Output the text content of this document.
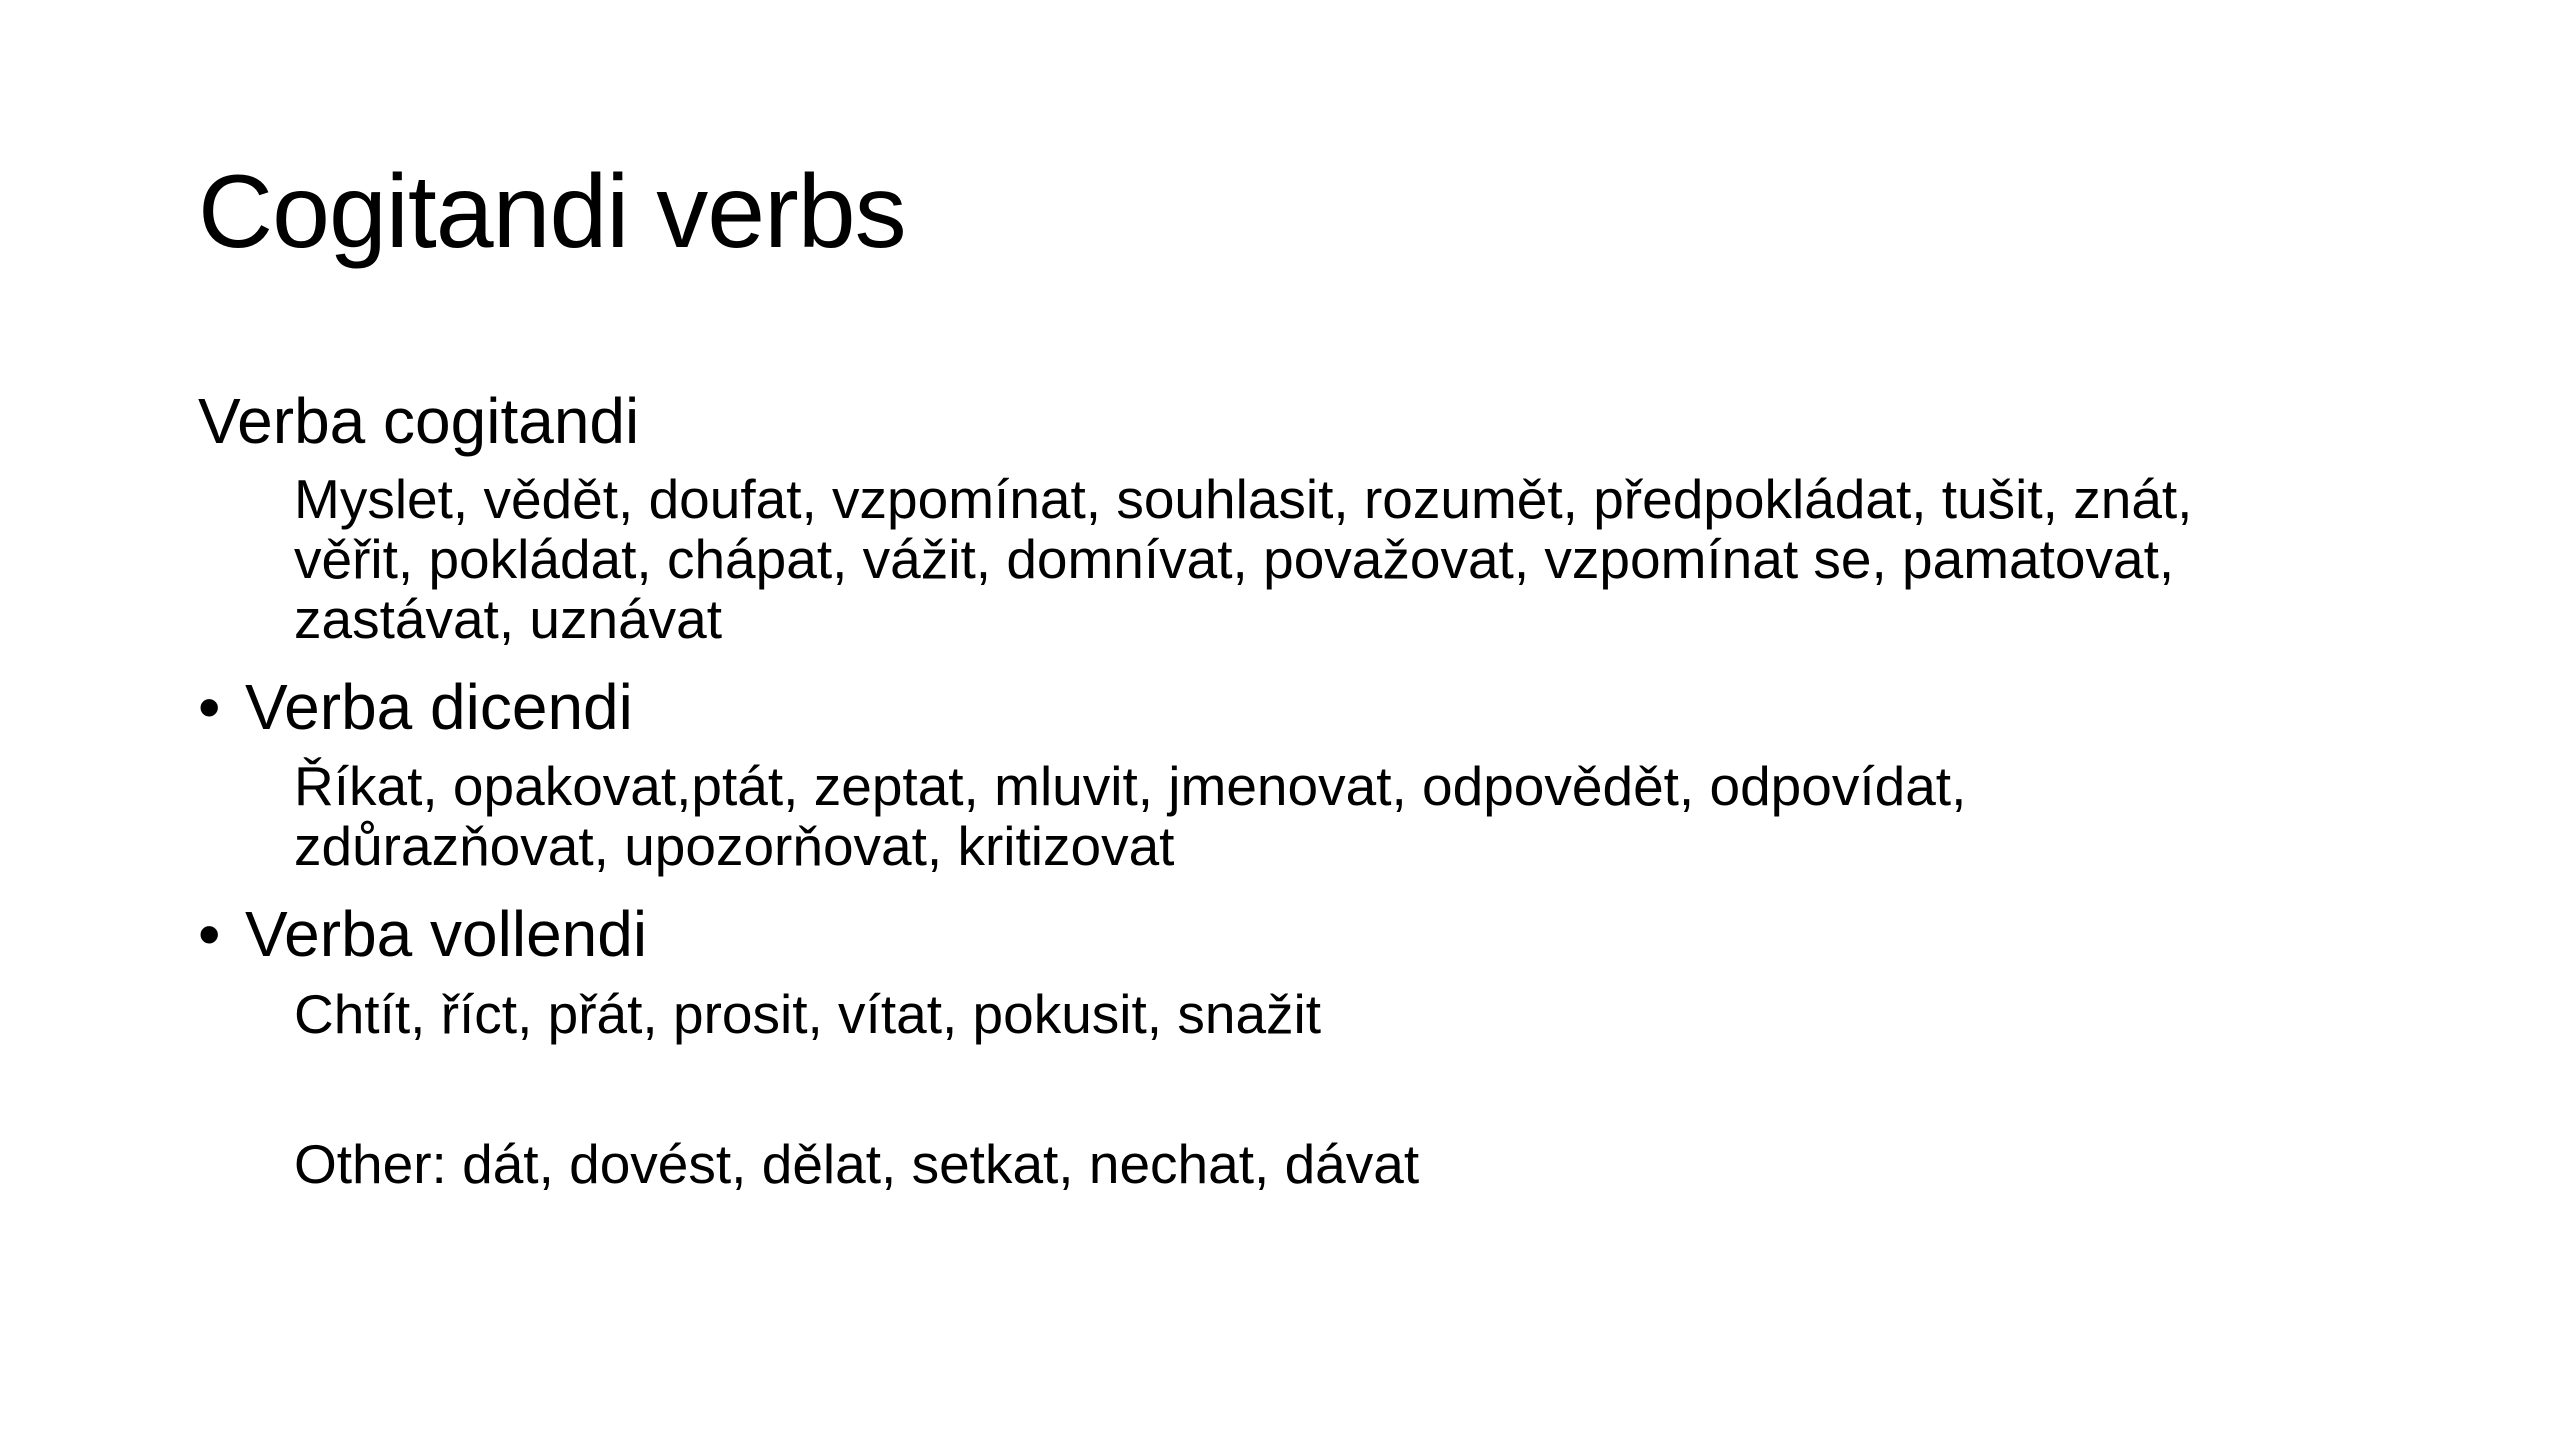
Cogitandi verbs

Verba cogitandi

Myslet, vědět, doufat, vzpomínat, souhlasit, rozumět, předpokládat, tušit, znát,
věřit, pokládat, chápat, vážit, domnívat, považovat, vzpomínat se, pamatovat,
zastávat, uznávat

• Verba dicendi

Říkat, opakovat,ptát, zeptat, mluvit, jmenovat, odpovědět, odpovídat,
zdůrazňovat, upozorňovat, kritizovat

• Verba vollendi

Chtít, říct, přát, prosit, vítat, pokusit, snažit

Other: dát, dovést, dělat, setkat, nechat, dávat
